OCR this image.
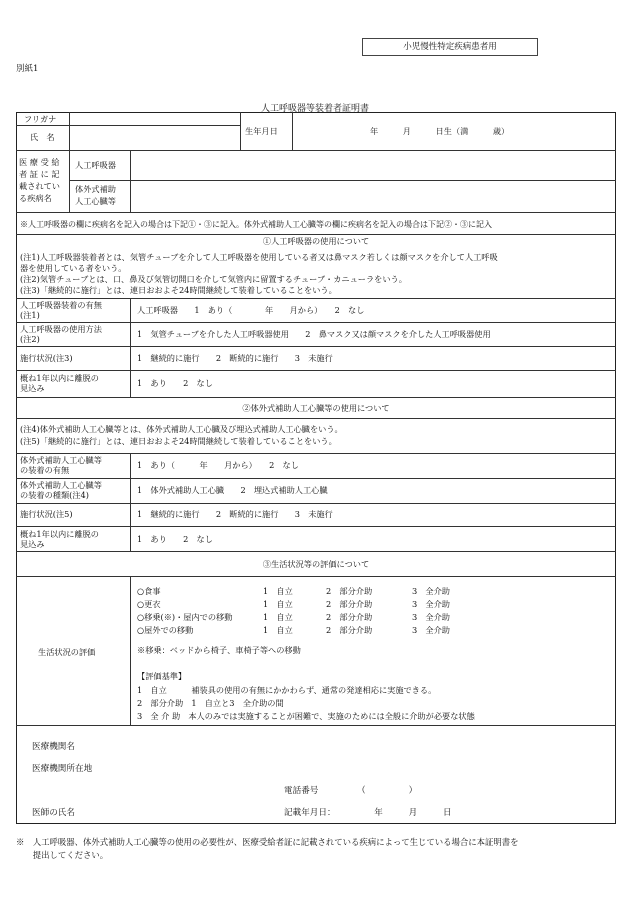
小児慢性特定疾病患者用
別紙1
人工呼吸器等装着者証明書
フリガナ
氏　名
生年月日	年　　　月　　　日生（満　　　歳）
医 療 受 給
者 証 に 記
載されてい
る疾病名
人工呼吸器
体外式補助
人工心臓等
※人工呼吸器の欄に疾病名を記入の場合は下記①・③に記入。体外式補助人工心臓等の欄に疾病名を記入の場合は下記②・③に記入
①人工呼吸器の使用について
(注1)人工呼吸器装着者とは、気管チューブを介して人工呼吸器を使用している者又は鼻マスク若しくは顔マスクを介して人工呼吸
器を使用している者をいう。
(注2)気管チューブとは、口、鼻及び気管切開口を介して気管内に留置するチューブ・カニューラをいう。
(注3)「継続的に施行」とは、連日おおよそ24時間継続して装着していることをいう。
人工呼吸器装着の有無
(注1)	人工呼吸器　　1　あり（　　　　年　　月から）　　2　なし
人工呼吸器の使用方法
(注2)	1　気管チューブを介した人工呼吸器使用　　2　鼻マスク又は顔マスクを介した人工呼吸器使用
施行状況(注3)	1　継続的に施行　　2　断続的に施行　　3　未施行
概ね1年以内に離脱の
見込み	1　あり　　2　なし
②体外式補助人工心臓等の使用について
(注4)体外式補助人工心臓等とは、体外式補助人工心臓及び埋込式補助人工心臓をいう。
(注5)「継続的に施行」とは、連日おおよそ24時間継続して装着していることをいう。
体外式補助人工心臓等
の装着の有無	1　あり（　　　年　　月から）　　2　なし
体外式補助人工心臓等
の装着の種類(注4)	1　体外式補助人工心臓　　2　埋込式補助人工心臓
施行状況(注5)	1　継続的に施行　　2　断続的に施行　　3　未施行
概ね1年以内に離脱の
見込み	1　あり　　2　なし
③生活状況等の評価について
生活状況の評価
○食事	1　自立	2　部分介助	3　全介助
○更衣	1　自立	2　部分介助	3　全介助
○移乗(※)・屋内での移動	1　自立	2　部分介助	3　全介助
○屋外での移動	1　自立	2　部分介助	3　全介助
※移乗：ベッドから椅子、車椅子等への移動
【評価基準】
1　自立　　　補装具の使用の有無にかかわらず、通常の発達相応に実施できる。
2　部分介助　1　自立と3　全介助の間
3　全 介 助　本人のみでは実施することが困難で、実施のためには全般に介助が必要な状態
医療機関名
医療機関所在地
電話番号　　　　　（　　　　　）
医師の氏名	記載年月日：　　　　　年　　　月　　　日
※　人工呼吸器、体外式補助人工心臓等の使用の必要性が、医療受給者証に記載されている疾病によって生じている場合に本証明書を
　　提出してください。
